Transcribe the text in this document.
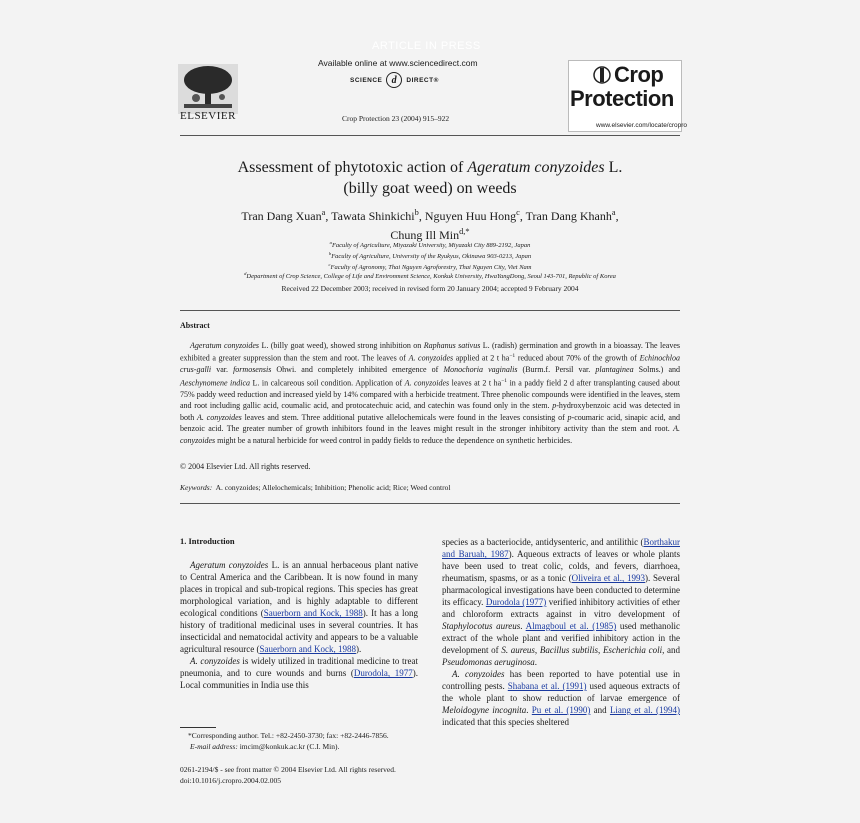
ARTICLE IN PRESS
ELSEVIER
Available online at www.sciencedirect.com
SCIENCE d	DIRECT®
Crop Protection 23 (2004) 915–922
Crop
Protection
www.elsevier.com/locate/cropro
Assessment of phytotoxic action of Ageratum conyzoides L.
(billy goat weed) on weeds
Tran Dang Xuan$^a$, Tawata Shinkichi$^b$, Nguyen Huu Hong$^c$, Tran Dang Khanh$^a$,
Chung Ill Min$^{d,*}$
$^a$Faculty of Agriculture, Miyazaki University, Miyazaki City 889-2192, Japan
$^b$Faculty of Agriculture, University of the Ryukyus, Okinawa 903-0213, Japan
$^c$Faculty of Agronomy, Thai Nguyen Agroforestry, Thai Nguyen City, Viet Nam
$^d$Department of Crop Science, College of Life and Environment Science, Konkuk University, HwaYangDong, Seoul 143-701, Republic of Korea
Received 22 December 2003; received in revised form 20 January 2004; accepted 9 February 2004
Abstract
Ageratum conyzoides L. (billy goat weed), showed strong inhibition on Raphanus sativus L. (radish) germination and growth in a bioassay. The leaves exhibited a greater suppression than the stem and root. The leaves of A. conyzoides applied at 2 t $ha^{-1}$ reduced about 70% of the growth of Echinochloa crus-galli var. formosensis Ohwi. and completely inhibited emergence of Monochoria vaginalis (Burm.f. Persil var. plantaginea Solms.) and Aeschynomene indica L. in calcareous soil condition. Application of A. conyzoides leaves at 2 t $ha^{-1}$ in a paddy field 2 d after transplanting caused about 75% paddy weed reduction and increased yield by 14% compared with a herbicide treatment. Three phenolic compounds were identified in the leaves, stem and root including gallic acid, coumalic acid, and protocatechuic acid, and catechin was found only in the stem. p-hydroxybenzoic acid was detected in both A. conyzoides leaves and stem. Three additional putative allelochemicals were found in the leaves consisting of p-coumaric acid, sinapic acid, and benzoic acid. The greater number of growth inhibitors found in the leaves might result in the stronger inhibitory activity than the stem and root. A. conyzoides might be a natural herbicide for weed control in paddy fields to reduce the dependence on synthetic herbicides.
© 2004 Elsevier Ltd. All rights reserved.
Keywords: A. conyzoides; Allelochemicals; Inhibition; Phenolic acid; Rice; Weed control
1. Introduction

Ageratum conyzoides L. is an annual herbaceous plant native to Central America and the Caribbean. It is now found in many places in tropical and sub-tropical regions. This species has great morphological variation, and is highly adaptable to different ecological conditions (Sauerborn and Kock, 1988). It has a long history of traditional medicinal uses in several countries. It has insecticidal and nematocidal activity and appears to be a valuable agricultural resource (Sauerborn and Kock, 1988).

A. conyzoides is widely utilized in traditional medicine to treat pneumonia, and to cure wounds and burns (Durodola, 1977). Local communities in India use this

species as a bacteriocide, antidysenteric, and antilithic (Borthakur and Baruah, 1987). Aqueous extracts of leaves or whole plants have been used to treat colic, colds, and fevers, diarrhoea, rheumatism, spasms, or as a tonic (Oliveira et al., 1993). Several pharmacological investigations have been conducted to determine its efficacy. Durodola (1977) verified inhibitory activities of ether and chloroform extracts against in vitro development of Staphylocotus aureus. Almagboul et al. (1985) used methanolic extract of the whole plant and verified inhibitory action in the development of S. aureus, Bacillus subtilis, Escherichia coli, and Pseudomonas aeruginosa.

A. conyzoides has been reported to have potential use in controlling pests. Shabana et al. (1991) used aqueous extracts of the whole plant to show reduction of larvae emergence of Meloidogyne incognita. Pu et al. (1990) and Liang et al. (1994) indicated that this species sheltered

*Corresponding author. Tel.: +82-2450-3730; fax: +82-2446-7856.
E-mail address: imcim@konkuk.ac.kr (C.I. Min).
0261-2194/$ - see front matter © 2004 Elsevier Ltd. All rights reserved.
doi:10.1016/j.cropro.2004.02.005
